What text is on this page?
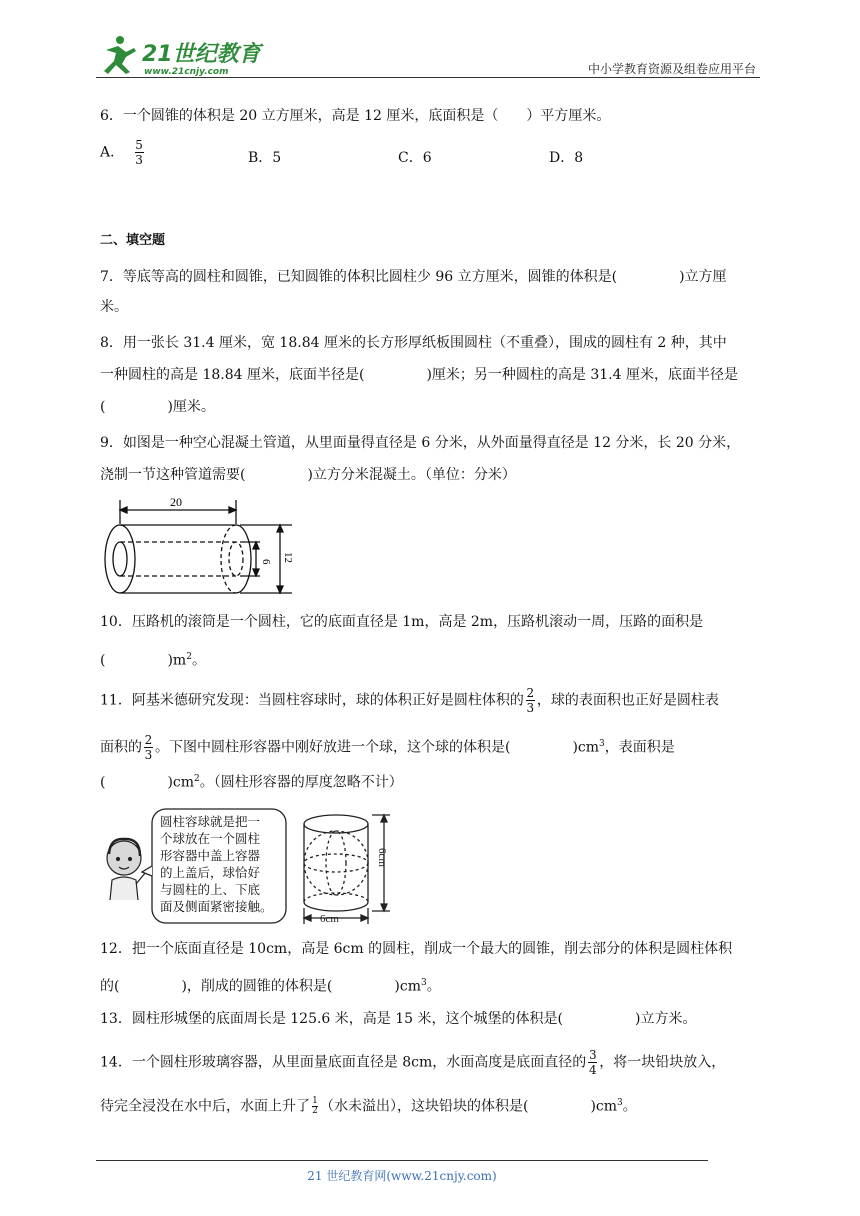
21世纪教育
www.21cnjy.com	中小学教育资源及组卷应用平台
6．一个圆锥的体积是 20 立方厘米，高是 12 厘米，底面积是（　　）平方厘米。
A． $\frac{5}{3}$	B．5	C．6	D．8
二、填空题
7．等底等高的圆柱和圆锥，已知圆锥的体积比圆柱少 96 立方厘米，圆锥的体积是(	)立方厘
米。
8．用一张长 31.4 厘米，宽 18.84 厘米的长方形厚纸板围圆柱（不重叠），围成的圆柱有 2 种，其中
一种圆柱的高是 18.84 厘米，底面半径是(	)厘米；另一种圆柱的高是 31.4 厘米，底面半径是
(	)厘米。
9．如图是一种空心混凝土管道，从里面量得直径是 6 分米，从外面量得直径是 12 分米，长 20 分米，
浇制一节这种管道需要(	)立方分米混凝土。（单位：分米）
20
6 12
10．压路机的滚筒是一个圆柱，它的底面直径是 1m，高是 2m，压路机滚动一周，压路的面积是
(	)$m^2$。
11．阿基米德研究发现：当圆柱容球时，球的体积正好是圆柱体积的 $\frac{2}{3}$ ，球的表面积也正好是圆柱表
面积的 $\frac{2}{3}$ 。下图中圆柱形容器中刚好放进一个球，这个球的体积是(	)$cm^3$，表面积是
(	)$cm^2$。（圆柱形容器的厚度忽略不计）
6cm
6cm
圆柱容球就是把一
个球放在一个圆柱
形容器中盖上容器
的上盖后，球恰好
与圆柱的上、下底
面及侧面紧密接触。
12．把一个底面直径是 10cm，高是 6cm 的圆柱，削成一个最大的圆锥，削去部分的体积是圆柱体积
的(	)，削成的圆锥的体积是(	)$cm^3$。
13．圆柱形城堡的底面周长是 125.6 米，高是 15 米，这个城堡的体积是(	)立方米。
14．一个圆柱形玻璃容器，从里面量底面直径是 8cm，水面高度是底面直径的 $\frac{3}{4}$ ，将一块铅块放入，
待完全浸没在水中后，水面上升了 $\frac{1}{2}$ （水未溢出），这块铅块的体积是(	)$cm^3$。
21 世纪教育网(www.21cnjy.com)
